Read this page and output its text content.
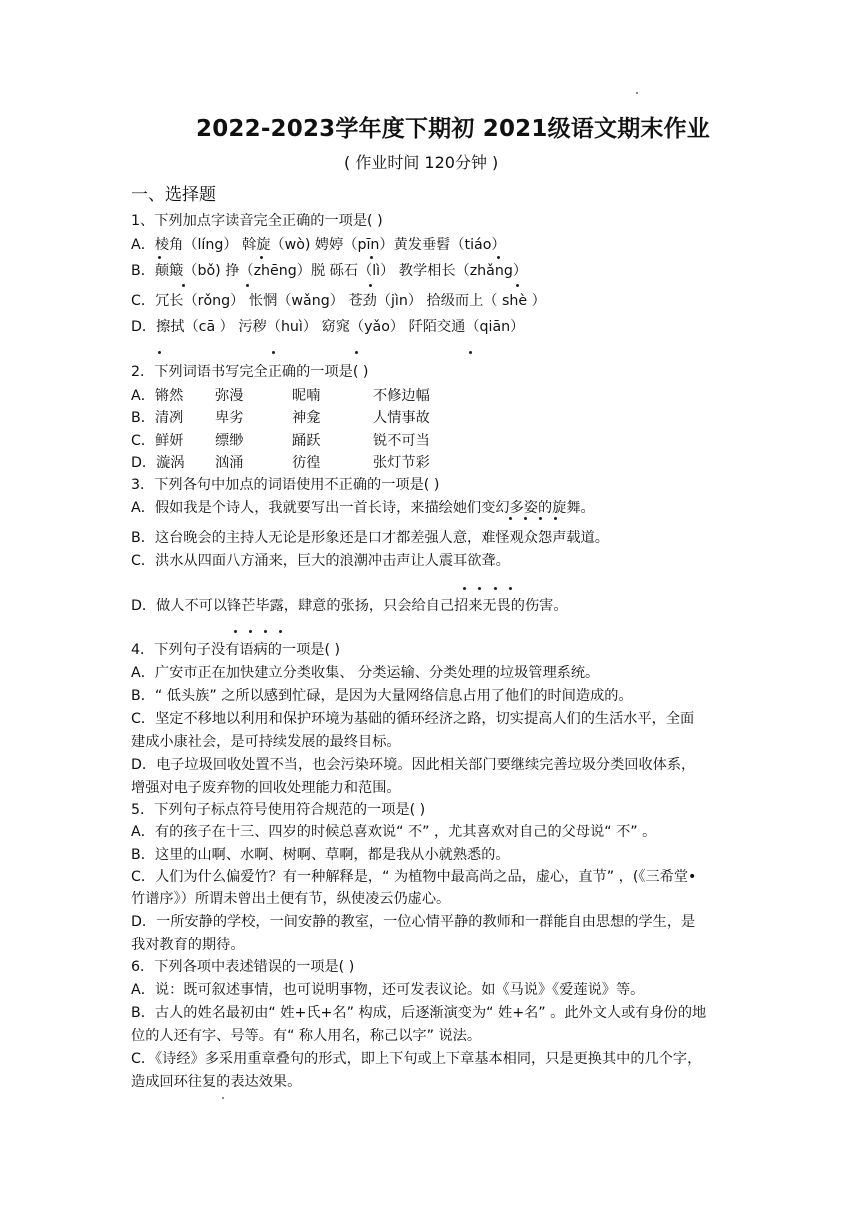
2022-2023学年度下期初 2021级语文期末作业
( 作业时间 120分钟 )
一、选择题
1、下列加点字读音完全正确的一项是( )
A．棱角（líng） 斡旋（wò) 娉婷（pīn）黄发垂髫（tiáo）
B．颠簸（bǒ) 挣（zhēng）脱 砾石（lì） 教学相长（zhǎng）
C．冗长（rǒng） 怅惘（wǎng） 苍劲（jìn） 拾级而上（ shè ）
D．擦拭（cā ） 污秽（huì） 窈窕（yǎo） 阡陌交通（qiān）
2．下列词语书写完全正确的一项是( )
A．锵然 弥漫	昵喃	不修边幅
B．清冽 卑劣	神龛	人情事故
C．鲜妍 缥缈	踊跃	锐不可当
D．漩涡 汹涌	彷徨	张灯节彩
3．下列各句中加点的词语使用不正确的一项是( )
A．假如我是个诗人，我就要写出一首长诗，来描绘她们变幻多姿的旋舞。
B．这台晚会的主持人无论是形象还是口才都差强人意，难怪观众怨声载道。
C．洪水从四面八方涌来，巨大的浪潮冲击声让人震耳欲聋。
D．做人不可以锋芒毕露，肆意的张扬，只会给自己招来无畏的伤害。
4．下列句子没有语病的一项是( )
A．广安市正在加快建立分类收集、 分类运输、分类处理的垃圾管理系统。
B．“ 低头族” 之所以感到忙碌，是因为大量网络信息占用了他们的时间造成的。
C．坚定不移地以利用和保护环境为基础的循环经济之路，切实提高人们的生活水平，全面
建成小康社会，是可持续发展的最终目标。
D．电子垃圾回收处置不当，也会污染环境。因此相关部门要继续完善垃圾分类回收体系，
增强对电子废弃物的回收处理能力和范围。
5．下列句子标点符号使用符合规范的一项是( )
A．有的孩子在十三、四岁的时候总喜欢说“ 不” ，尤其喜欢对自己的父母说“ 不” 。
B．这里的山啊、水啊、树啊、草啊，都是我从小就熟悉的。
C．人们为什么偏爱竹？有一种解释是，“ 为植物中最高尚之品，虚心，直节” ，(《三希堂•
竹谱序》）所谓未曾出土便有节，纵使凌云仍虚心。
D．一所安静的学校，一间安静的教室，一位心情平静的教师和一群能自由思想的学生，是
我对教育的期待。
6．下列各项中表述错误的一项是( )
A．说：既可叙述事情，也可说明事物，还可发表议论。如《马说》《爱莲说》等。
B．古人的姓名最初由“ 姓+氏+名” 构成，后逐渐演变为“ 姓+名” 。此外文人或有身份的地
位的人还有字、号等。有“ 称人用名，称己以字” 说法。
C．《诗经》多采用重章叠句的形式，即上下句或上下章基本相同，只是更换其中的几个字，
造成回环往复的表达效果。
